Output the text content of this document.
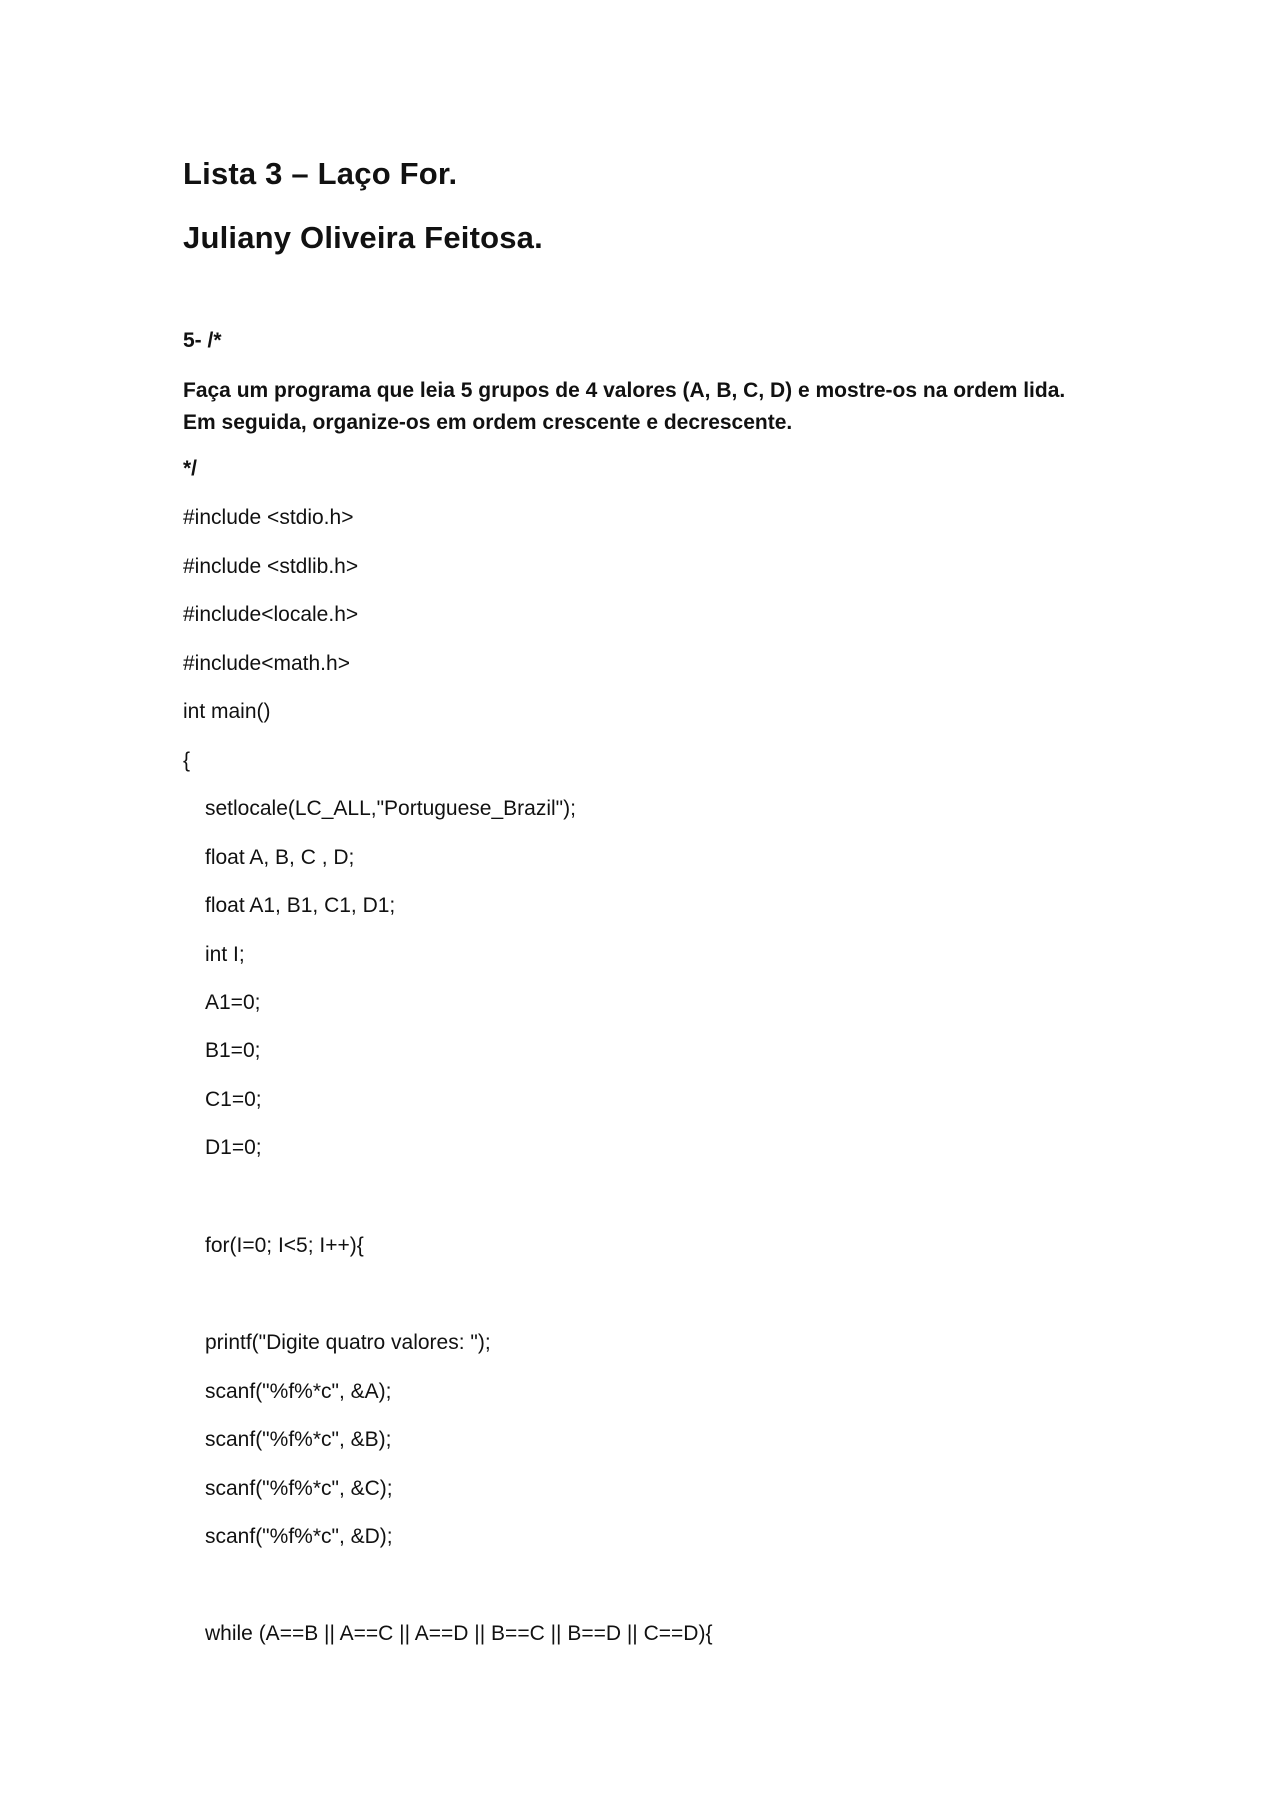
Lista 3 – Laço For.
Juliany Oliveira Feitosa.
5- /*
Faça um programa que leia 5 grupos de 4 valores (A, B, C, D) e mostre-os na ordem lida. Em seguida, organize-os em ordem crescente e decrescente.
*/
#include <stdio.h>
#include <stdlib.h>
#include<locale.h>
#include<math.h>
int main()
{
setlocale(LC_ALL,"Portuguese_Brazil");
float A, B, C , D;
float A1, B1, C1, D1;
int I;
A1=0;
B1=0;
C1=0;
D1=0;
for(I=0; I<5; I++){
printf("Digite quatro valores: ");
scanf("%f%*c", &A);
scanf("%f%*c", &B);
scanf("%f%*c", &C);
scanf("%f%*c", &D);
while (A==B || A==C || A==D || B==C || B==D || C==D){
